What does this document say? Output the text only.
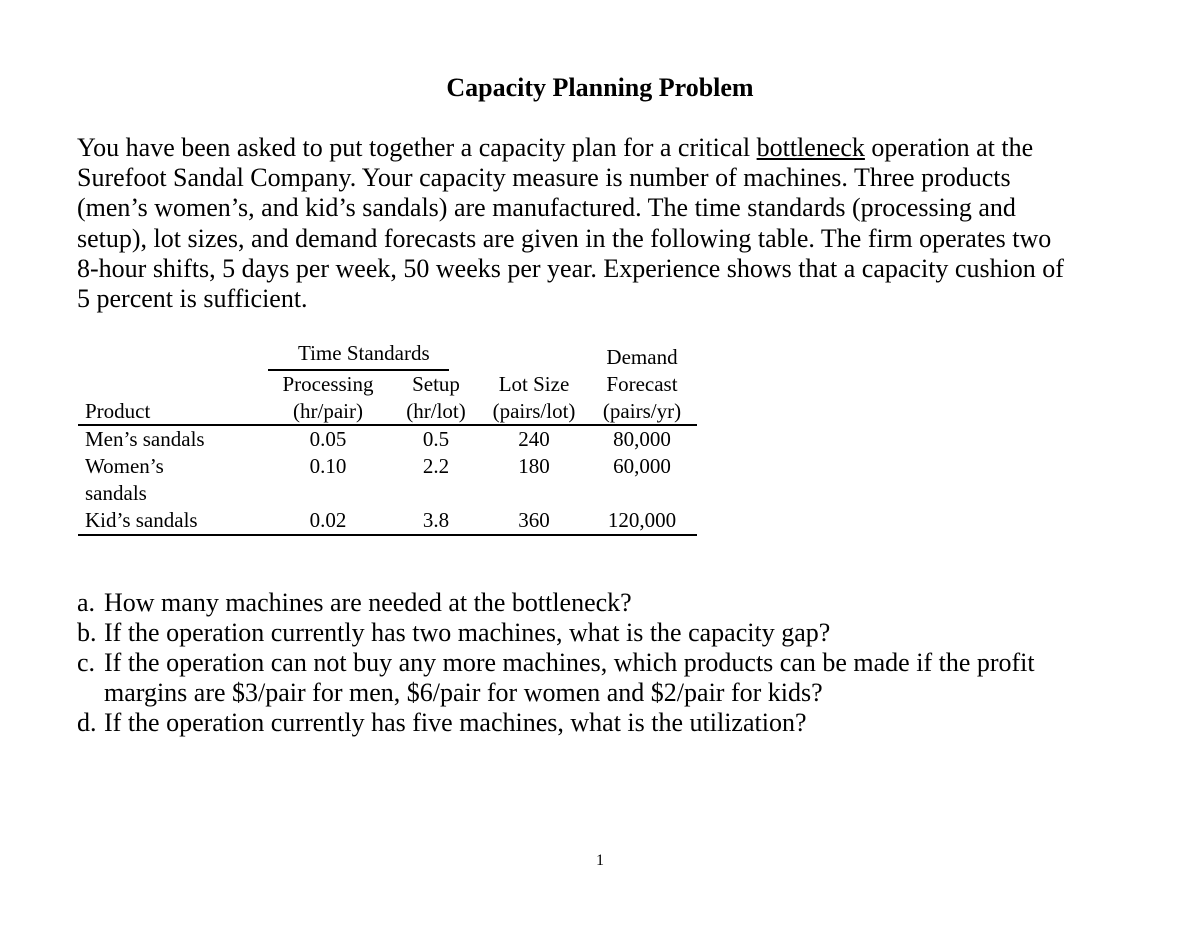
Capacity Planning Problem

You have been asked to put together a capacity plan for a critical bottleneck operation at the

Surefoot Sandal Company. Your capacity measure is number of machines. Three products

(men’s women’s, and kid’s sandals) are manufactured. The time standards (processing and

setup), lot sizes, and demand forecasts are given in the following table. The firm operates two

8-hour shifts, 5 days per week, 50 weeks per year. Experience shows that a capacity cushion of

5 percent is sufficient.

	Time Standards			Demand
	Processing	Setup	Lot Size	Forecast
Product	(hr/pair)	(hr/lot)	(pairs/lot)	(pairs/yr)
Men’s sandals	0.05	0.5	240	80,000
Women’s
sandals	0.10	2.2	180	60,000
Kid’s sandals	0.02	3.8	360	120,000
a. How many machines are needed at the bottleneck?
b. If the operation currently has two machines, what is the capacity gap?
c. If the operation can not buy any more machines, which products can be made if the profit
margins are $3/pair for men, $6/pair for women and $2/pair for kids?
d. If the operation currently has five machines, what is the utilization?
1
